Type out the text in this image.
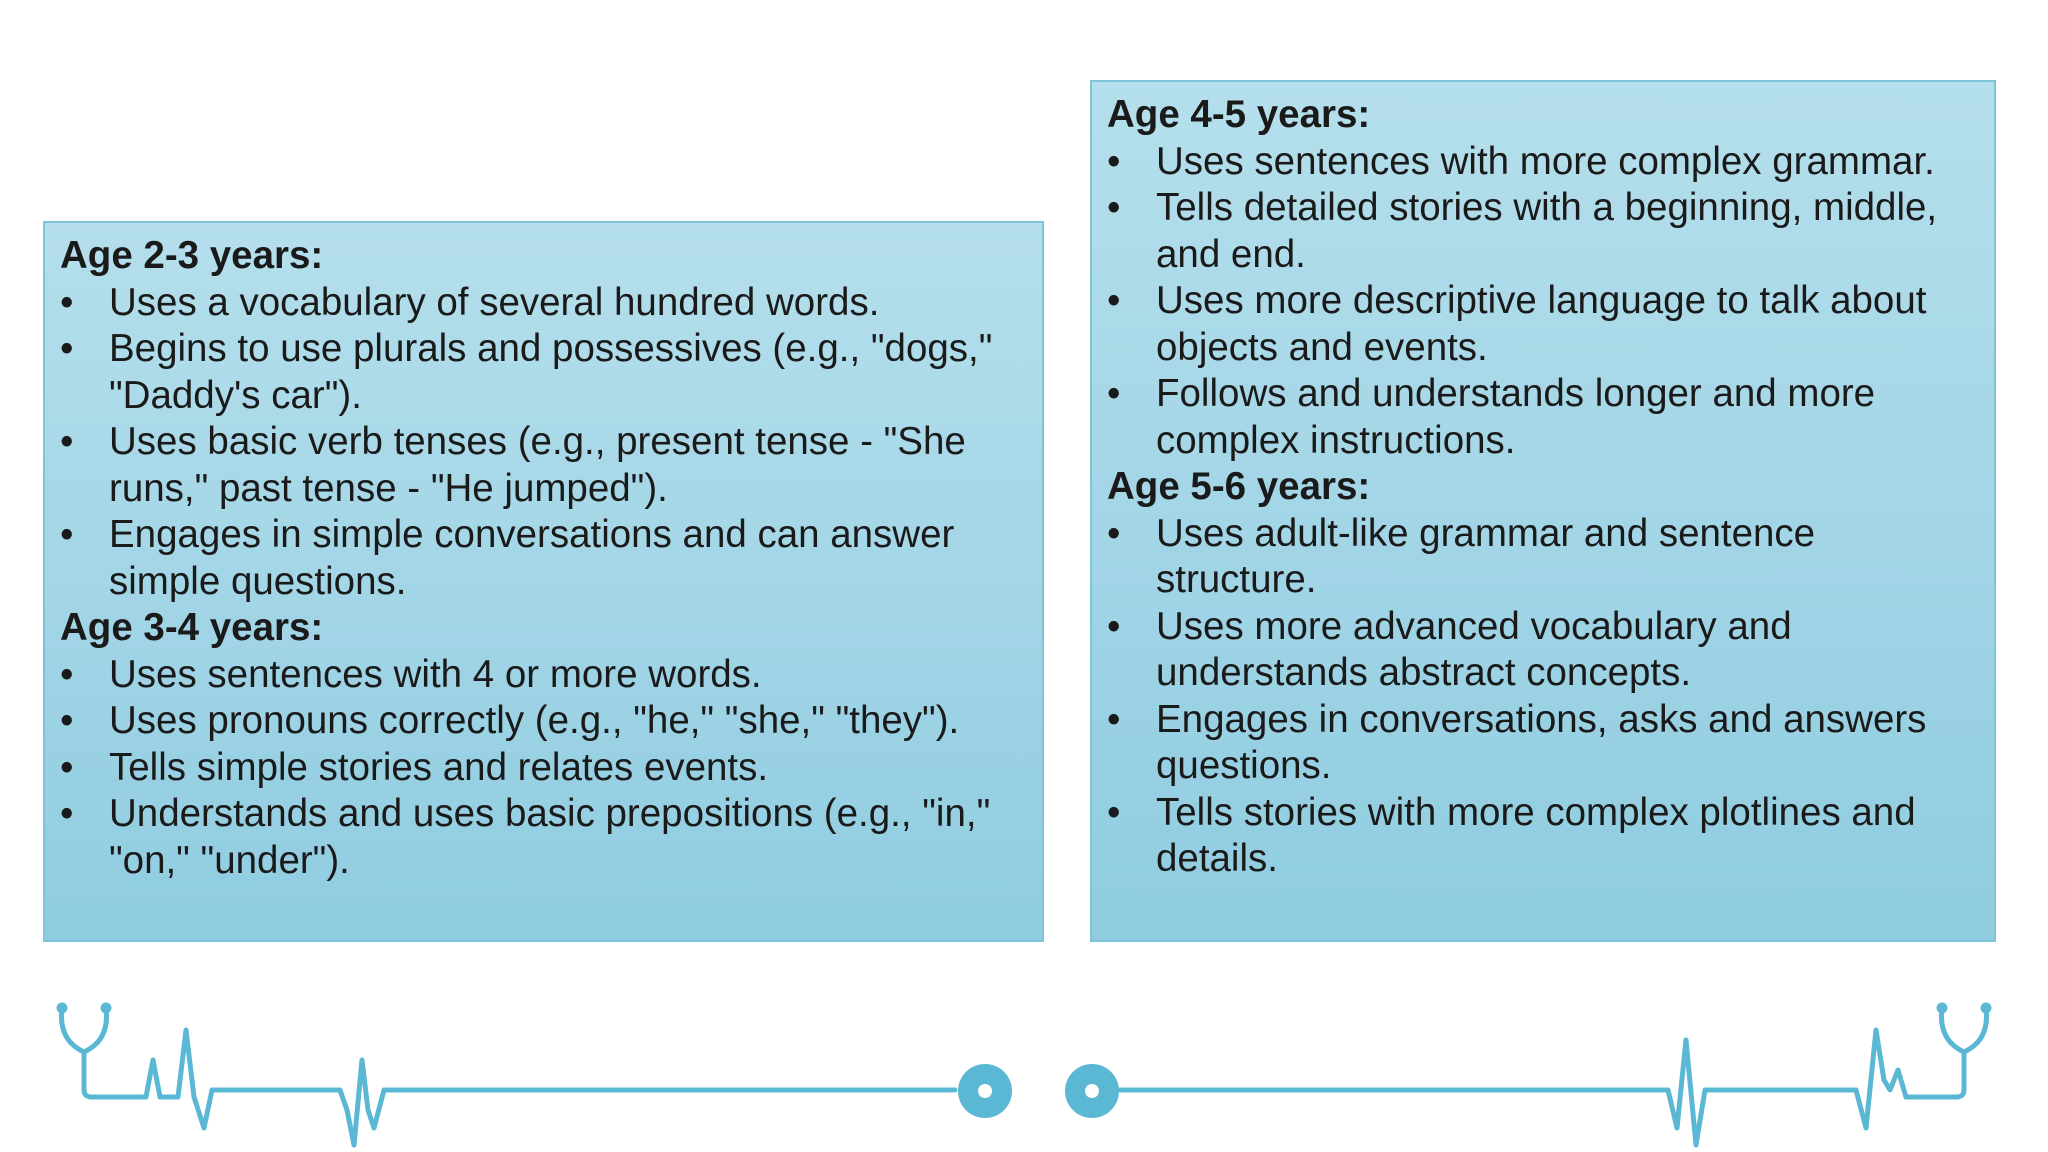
Age 2-3 years:
• Uses a vocabulary of several hundred words.
• Begins to use plurals and possessives (e.g., "dogs," "Daddy's car").
• Uses basic verb tenses (e.g., present tense - "She runs," past tense - "He jumped").
• Engages in simple conversations and can answer simple questions.
Age 3-4 years:
• Uses sentences with 4 or more words.
• Uses pronouns correctly (e.g., "he," "she," "they").
• Tells simple stories and relates events.
• Understands and uses basic prepositions (e.g., "in," "on," "under").
Age 4-5 years:
• Uses sentences with more complex grammar.
• Tells detailed stories with a beginning, middle, and end.
• Uses more descriptive language to talk about objects and events.
• Follows and understands longer and more complex instructions.
Age 5-6 years:
• Uses adult-like grammar and sentence structure.
• Uses more advanced vocabulary and understands abstract concepts.
• Engages in conversations, asks and answers questions.
• Tells stories with more complex plotlines and details.
